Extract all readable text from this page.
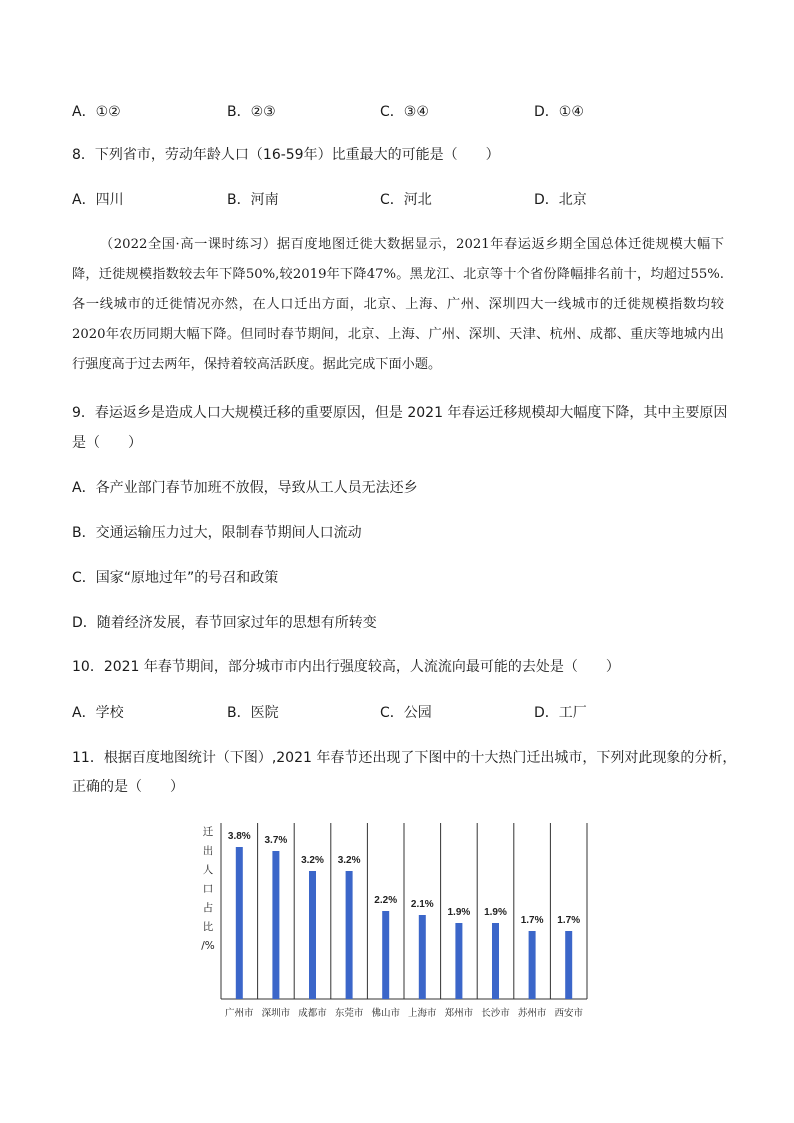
A．①②	B．②③	C．③④	D．①④
8．下列省市，劳动年龄人口（16-59年）比重最大的可能是（　　）
A．四川	B．河南	C．河北	D．北京

（2022全国·高一课时练习）据百度地图迁徙大数据显示，2021年春运返乡期全国总体迁徙规模大幅下降，迁徙规模指数较去年下降50%,较2019年下降47%。黑龙江、北京等十个省份降幅排名前十，均超过55%.各一线城市的迁徙情况亦然，在人口迁出方面，北京、上海、广州、深圳四大一线城市的迁徙规模指数均较2020年农历同期大幅下降。但同时春节期间，北京、上海、广州、深圳、天津、杭州、成都、重庆等地城内出行强度高于过去两年，保持着较高活跃度。据此完成下面小题。

9．春运返乡是造成人口大规模迁移的重要原因，但是 2021 年春运迁移规模却大幅度下降，其中主要原因
是（　　）
A．各产业部门春节加班不放假，导致从工人员无法还乡
B．交通运输压力过大，限制春节期间人口流动
C．国家“原地过年”的号召和政策
D．随着经济发展，春节回家过年的思想有所转变
10．2021 年春节期间，部分城市市内出行强度较高，人流流向最可能的去处是（　　）
A．学校	B．医院	C．公园	D．工厂
11．根据百度地图统计（下图）,2021 年春节还出现了下图中的十大热门迁出城市，下列对此现象的分析，
正确的是（　　）
迁
出
人
口
占
比
/%
3.8%
广州市
3.7%
深圳市
3.2%
成都市
3.2%
东莞市
2.2%
佛山市
2.1%
上海市
1.9%
郑州市
1.9%
长沙市
1.7%
苏州市
1.7%
西安市
